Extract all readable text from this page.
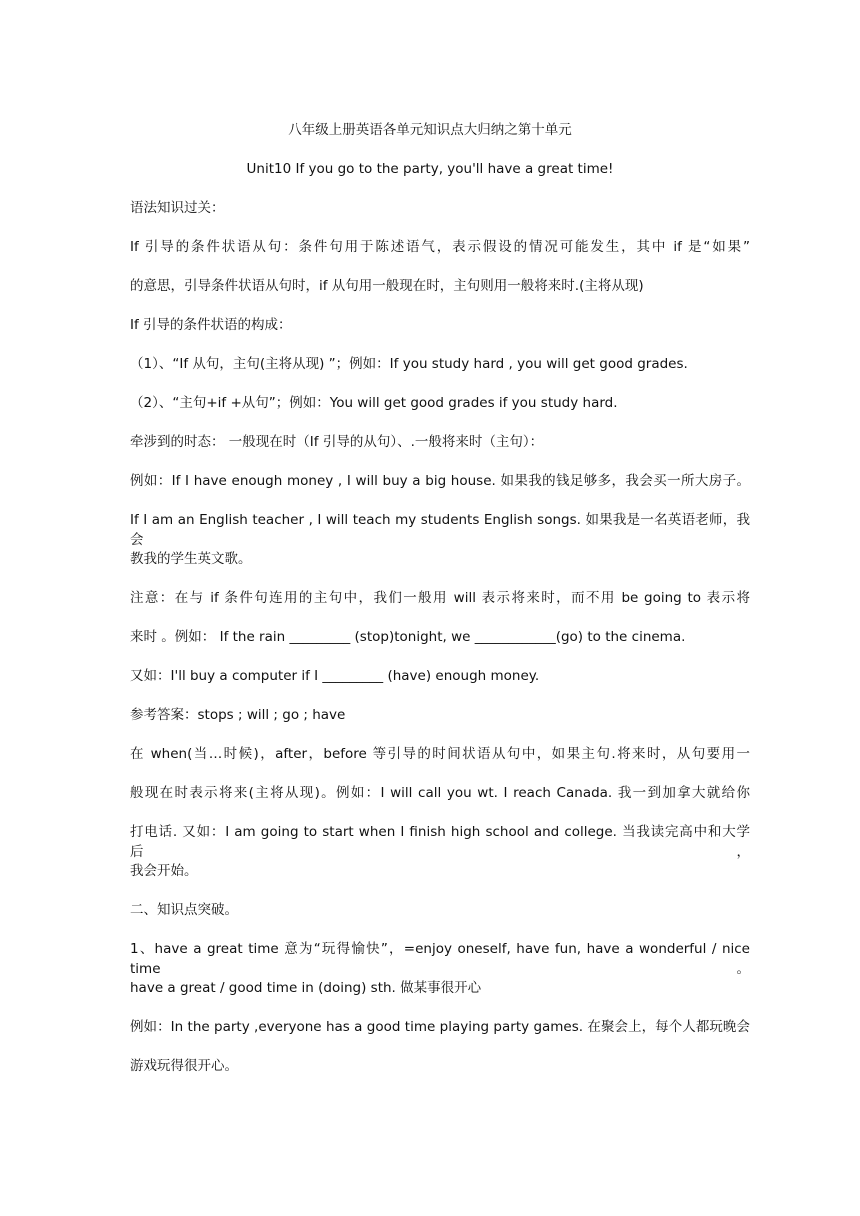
八年级上册英语各单元知识点大归纳之第十单元
Unit10 If you go to the party, you'll have a great time!
语法知识过关：
If 引导的条件状语从句：条件句用于陈述语气，表示假设的情况可能发生，其中 if 是“如果”
的意思，引导条件状语从句时，if 从句用一般现在时，主句则用一般将来时.(主将从现)
If 引导的条件状语的构成：
（1）、“If 从句，主句(主将从现) ”；例如：If you study hard , you will get good grades.
（2）、“主句+if +从句”；例如：You will get good grades if you study hard.
牵涉到的时态： 一般现在时（If 引导的从句）、.一般将来时（主句）：
例如：If I have enough money , I will buy a big house. 如果我的钱足够多，我会买一所大房子。
If I am an English teacher , I will teach my students English songs. 如果我是一名英语老师，我会
教我的学生英文歌。
注意：在与 if 条件句连用的主句中，我们一般用 will 表示将来时，而不用 be going to 表示将
来时 。例如： If the rain _________ (stop)tonight, we ____________(go) to the cinema.
又如：I'll buy a computer if I _________ (have) enough money.
参考答案：stops ; will ; go ; have
在 when(当…时候)，after，before 等引导的时间状语从句中，如果主句.将来时，从句要用一
般现在时表示将来(主将从现)。例如：I will call you wt. I reach Canada. 我一到加拿大就给你
打电话. 又如：I am going to start when I finish high school and college. 当我读完高中和大学后，
我会开始。
二、知识点突破。
1、have a great time 意为“玩得愉快”，=enjoy oneself, have fun, have a wonderful / nice time。
have a great / good time in (doing) sth. 做某事很开心
例如：In the party ,everyone has a good time playing party games. 在聚会上，每个人都玩晚会
游戏玩得很开心。
